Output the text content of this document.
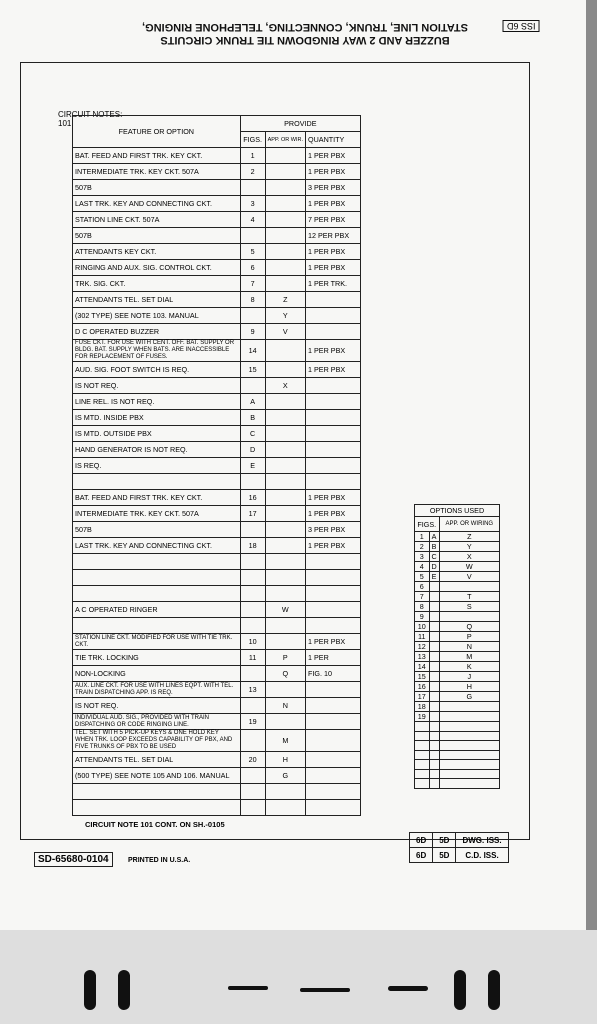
BUZZER AND 2 WAY RINGDOWN TIE TRUNK CIRCUITS
STATION LINE, TRUNK, CONNECTING, TELEPHONE RINGING,	ISS 6D
CIRCUIT NOTES:
101.
FEATURE OR OPTION	PROVIDE		
	FIGS.	APP. OR WIR.	QUANTITY
BAT. FEED AND FIRST TRK. KEY CKT.	1		1 PER PBX
INTERMEDIATE TRK. KEY CKT. 507A	2		1 PER PBX
507B			3 PER PBX
LAST TRK. KEY AND CONNECTING CKT.	3		1 PER PBX
STATION LINE CKT. 507A	4		7 PER PBX
507B			12 PER PBX
ATTENDANTS KEY CKT.	5		1 PER PBX
RINGING AND AUX. SIG. CONTROL CKT.	6		1 PER PBX
TRK. SIG. CKT.	7		1 PER TRK.
ATTENDANTS TEL. SET DIAL	8	Z	
(302 TYPE) SEE NOTE 103. MANUAL		Y	
D C OPERATED BUZZER	9	V	
FUSE CKT. FOR USE WITH CENT. OFF. BAT. SUPPLY OR BLDG. BAT. SUPPLY WHEN BATS. ARE INACCESSIBLE FOR REPLACEMENT OF FUSES.	14		1 PER PBX
AUD. SIG. FOOT SWITCH IS REQ.	15		1 PER PBX
IS NOT REQ.		X	
LINE REL. IS NOT REQ.	A		
IS MTD. INSIDE PBX	B		
IS MTD. OUTSIDE PBX	C		
HAND GENERATOR IS NOT REQ.	D		
IS REQ.	E		

BAT. FEED AND FIRST TRK. KEY CKT.	16		1 PER PBX
INTERMEDIATE TRK. KEY CKT. 507A	17		1 PER PBX
507B			3 PER PBX
LAST TRK. KEY AND CONNECTING CKT.	18		1 PER PBX

A C OPERATED RINGER		W	

STATION LINE CKT. MODIFIED FOR USE WITH TIE TRK. CKT.	10		1 PER PBX
TIE TRK. LOCKING	11	P	1 PER
NON-LOCKING		Q	FIG. 10
AUX. LINE CKT. FOR USE WITH LINES EQPT. WITH TEL. TRAIN DISPATCHING APP. IS REQ.	13		
IS NOT REQ.		N	
INDIVIDUAL AUD. SIG., PROVIDED WITH TRAIN DISPATCHING OR CODE RINGING LINE.	19		
TEL. SET WITH 5 PICK-UP KEYS & ONE HOLD KEY WHEN TRK. LOOP EXCEEDS CAPABILITY OF PBX, AND FIVE TRUNKS OF PBX TO BE USED		M	
ATTENDANTS TEL. SET DIAL	20	H	
(500 TYPE) SEE NOTE 105 AND 106. MANUAL		G	

OPTIONS USED		
FIGS.		APP. OR WIRING
1	A	Z
2	B	Y
3	C	X
4	D	W
5	E	V
6		
7		T
8		S
9		
10		Q
11		P
12		N
13		M
14		K
15		J
16		H
17		G
18		
19		

CIRCUIT NOTE 101 CONT. ON SH.-0105
SD-65680-0104	PRINTED IN U.S.A.
6D	5D	DWG. ISS.
6D	5D	C.D. ISS.
